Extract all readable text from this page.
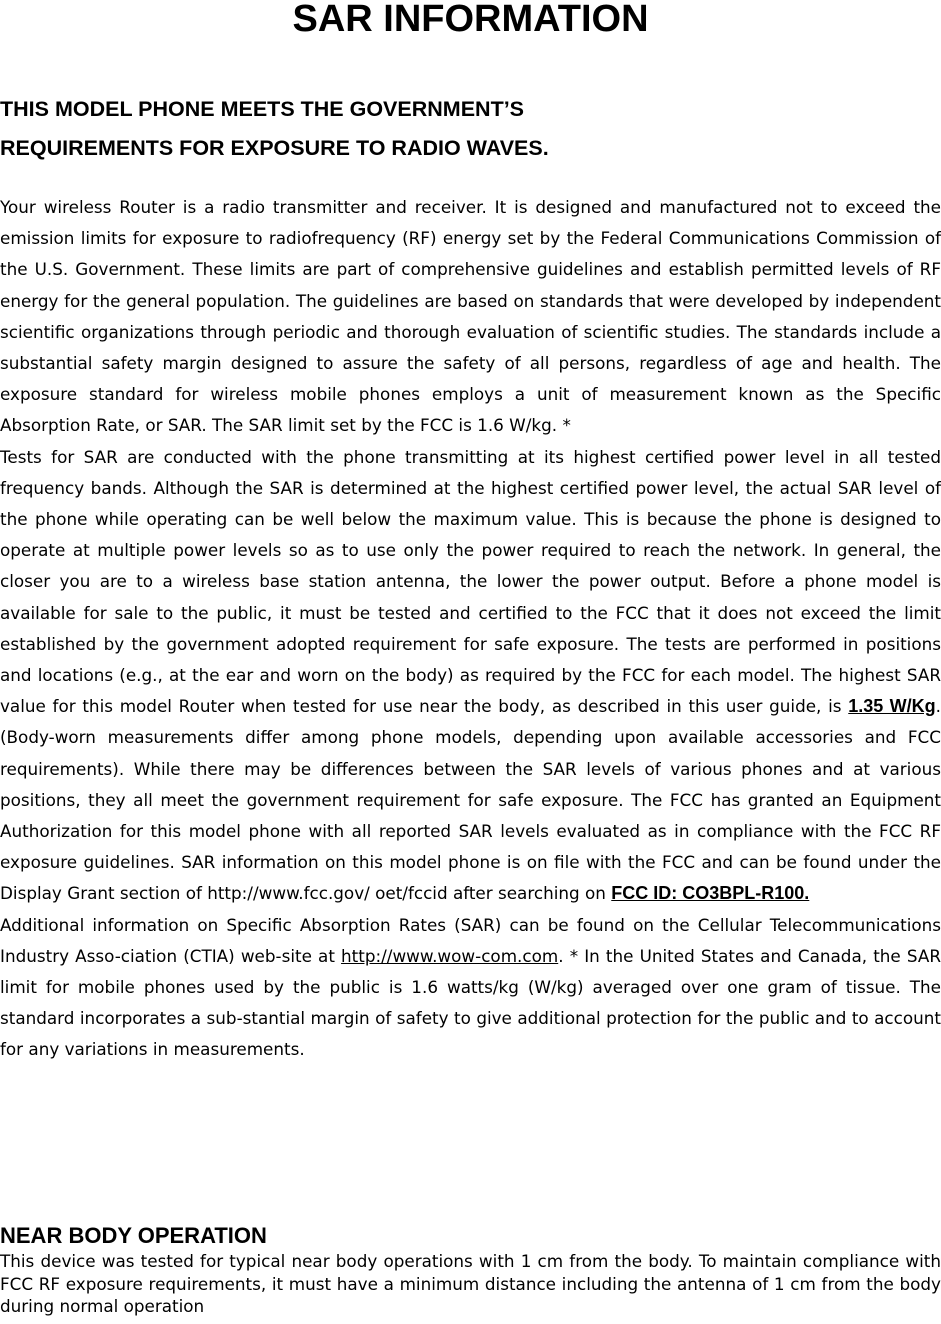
SAR INFORMATION
THIS MODEL PHONE MEETS THE GOVERNMENT’S
REQUIREMENTS FOR EXPOSURE TO RADIO WAVES.

Your wireless Router is a radio transmitter and receiver. It is designed and manufactured not to exceed the emission limits for exposure to radiofrequency (RF) energy set by the Federal Communications Commission of the U.S. Government. These limits are part of comprehensive guidelines and establish permitted levels of RF energy for the general population. The guidelines are based on standards that were developed by independent scientific organizations through periodic and thorough evaluation of scientific studies. The standards include a substantial safety margin designed to assure the safety of all persons, regardless of age and health. The exposure standard for wireless mobile phones employs a unit of measurement known as the Specific Absorption Rate, or SAR. The SAR limit set by the FCC is 1.6 W/kg. *

Tests for SAR are conducted with the phone transmitting at its highest certified power level in all tested frequency bands. Although the SAR is determined at the highest certified power level, the actual SAR level of the phone while operating can be well below the maximum value. This is because the phone is designed to operate at multiple power levels so as to use only the power required to reach the network. In general, the closer you are to a wireless base station antenna, the lower the power output. Before a phone model is available for sale to the public, it must be tested and certified to the FCC that it does not exceed the limit established by the government adopted requirement for safe exposure. The tests are performed in positions and locations (e.g., at the ear and worn on the body) as required by the FCC for each model. The highest SAR value for this model Router when tested for use near the body, as described in this user guide, is 1.35 W/Kg. (Body-worn measurements differ among phone models, depending upon available accessories and FCC requirements). While there may be differences between the SAR levels of various phones and at various positions, they all meet the government requirement for safe exposure. The FCC has granted an Equipment Authorization for this model phone with all reported SAR levels evaluated as in compliance with the FCC RF exposure guidelines. SAR information on this model phone is on file with the FCC and can be found under the Display Grant section of http://www.fcc.gov/ oet/fccid after searching on FCC ID: CO3BPL-R100.

Additional information on Specific Absorption Rates (SAR) can be found on the Cellular Telecommunications Industry Asso-ciation (CTIA) web-site at http://www.wow-com.com. * In the United States and Canada, the SAR limit for mobile phones used by the public is 1.6 watts/kg (W/kg) averaged over one gram of tissue. The standard incorporates a sub-stantial margin of safety to give additional protection for the public and to account for any variations in measurements.

NEAR BODY OPERATION

This device was tested for typical near body operations with 1 cm from the body. To maintain compliance with FCC RF exposure requirements, it must have a minimum distance including the antenna of 1 cm from the body during normal operation
